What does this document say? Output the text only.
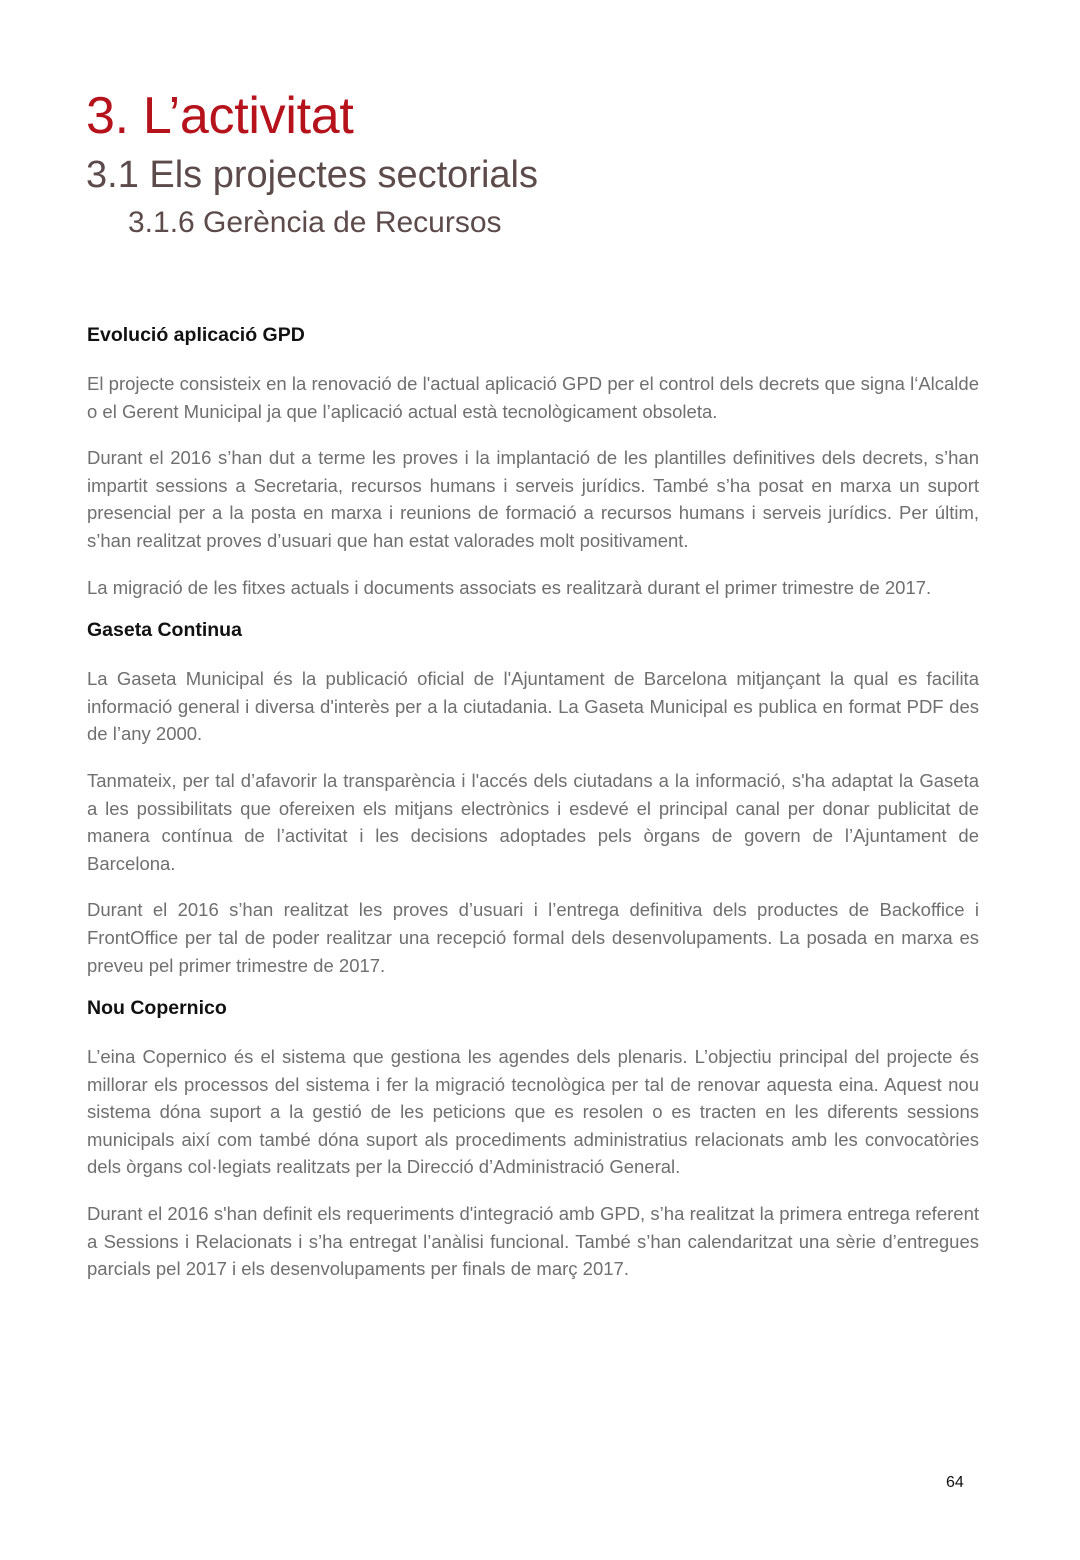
3. L’activitat
3.1 Els projectes sectorials
3.1.6 Gerència de Recursos
Evolució aplicació GPD

El projecte consisteix en la renovació de l'actual aplicació GPD per el control dels decrets que signa l‘Alcalde o el Gerent Municipal ja que l’aplicació actual està tecnològicament obsoleta.

Durant el 2016 s’han dut a terme les proves i la implantació de les plantilles definitives dels decrets, s’han impartit sessions a Secretaria, recursos humans i serveis jurídics. També s’ha posat en marxa un suport presencial per a la posta en marxa i reunions de formació a recursos humans i serveis jurídics. Per últim, s’han realitzat proves d’usuari que han estat valorades molt positivament.

La migració de les fitxes actuals i documents associats es realitzarà durant el primer trimestre de 2017.

Gaseta Continua

La Gaseta Municipal és la publicació oficial de l'Ajuntament de Barcelona mitjançant la qual es facilita informació general i diversa d'interès per a la ciutadania. La Gaseta Municipal es publica en format PDF des de l’any 2000.

Tanmateix, per tal d’afavorir la transparència i l'accés dels ciutadans a la informació, s'ha adaptat la Gaseta a les possibilitats que ofereixen els mitjans electrònics i esdevé el principal canal per donar publicitat de manera contínua de l’activitat i les decisions adoptades pels òrgans de govern de l’Ajuntament de Barcelona.

Durant el 2016 s’han realitzat les proves d’usuari i l’entrega definitiva dels productes de Backoffice i FrontOffice per tal de poder realitzar una recepció formal dels desenvolupaments. La posada en marxa es preveu pel primer trimestre de 2017.

Nou Copernico

L’eina Copernico és el sistema que gestiona les agendes dels plenaris. L’objectiu principal del projecte és millorar els processos del sistema i fer la migració tecnològica per tal de renovar aquesta eina. Aquest nou sistema dóna suport a la gestió de les peticions que es resolen o es tracten en les diferents sessions municipals així com també dóna suport als procediments administratius relacionats amb les convocatòries dels òrgans col·legiats realitzats per la Direcció d’Administració General.

Durant el 2016 s'han definit els requeriments d'integració amb GPD, s’ha realitzat la primera entrega referent a Sessions i Relacionats i s’ha entregat l’anàlisi funcional. També s’han calendaritzat una sèrie d’entregues parcials pel 2017 i els desenvolupaments per finals de març 2017.

64
